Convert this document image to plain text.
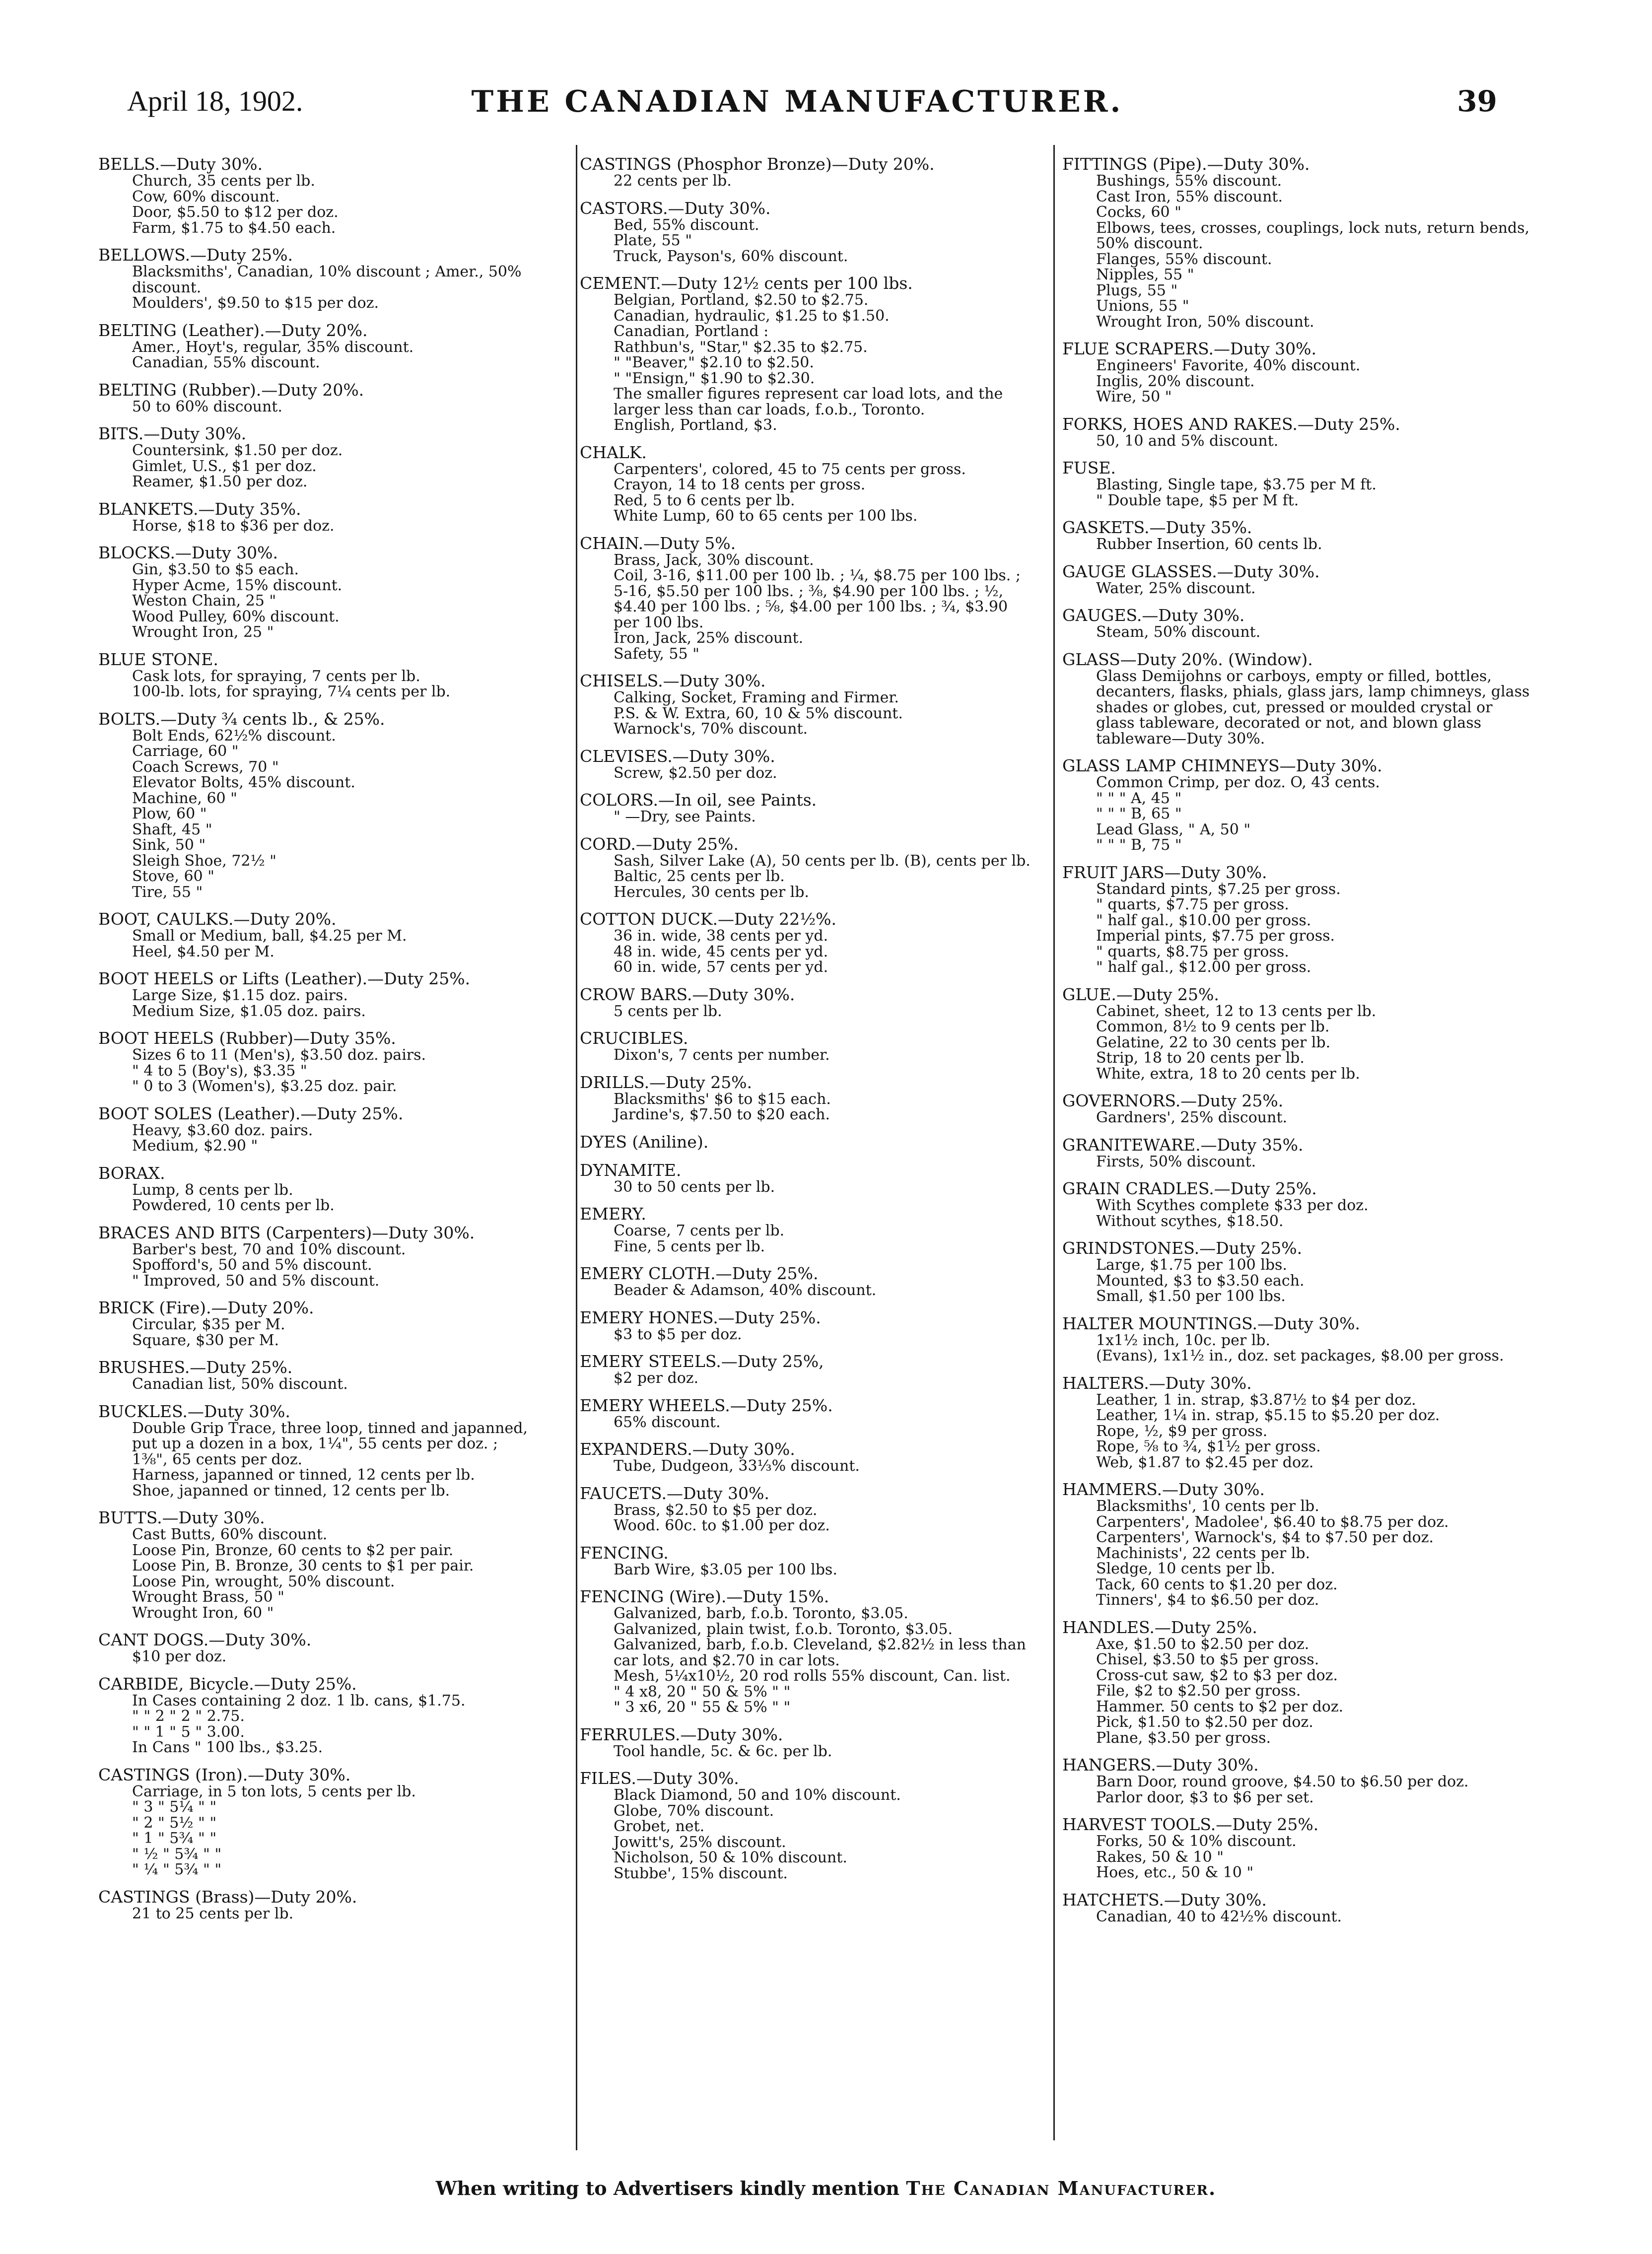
April 18, 1902.	THE CANADIAN MANUFACTURER.	39
BELLS.—Duty 30%.
Church, 35 cents per lb.
Cow, 60% discount.
Door, $5.50 to $12 per doz.
Farm, $1.75 to $4.50 each.
BELLOWS.—Duty 25%.
Blacksmiths', Canadian, 10% discount ; Amer., 50% discount.
Moulders', $9.50 to $15 per doz.
BELTING (Leather).—Duty 20%.
Amer., Hoyt's, regular, 35% discount.
Canadian, 55% discount.
BELTING (Rubber).—Duty 20%.
50 to 60% discount.
BITS.—Duty 30%.
Countersink, $1.50 per doz.
Gimlet, U.S., $1 per doz.
Reamer, $1.50 per doz.
BLANKETS.—Duty 35%.
Horse, $18 to $36 per doz.
BLOCKS.—Duty 30%.
Gin, $3.50 to $5 each.
Hyper Acme, 15% discount.
Weston Chain, 25 "
Wood Pulley, 60% discount.
Wrought Iron, 25 "
BLUE STONE.
Cask lots, for spraying, 7 cents per lb.
100-lb. lots, for spraying, 7¼ cents per lb.
BOLTS.—Duty ¾ cents lb., & 25%.
Bolt Ends, 62½% discount.
Carriage, 60 "
Coach Screws, 70 "
Elevator Bolts, 45% discount.
Machine, 60 "
Plow, 60 "
Shaft, 45 "
Sink, 50 "
Sleigh Shoe, 72½ "
Stove, 60 "
Tire, 55 "
BOOT, CAULKS.—Duty 20%.
Small or Medium, ball, $4.25 per M.
Heel, $4.50 per M.
BOOT HEELS or Lifts (Leather).—Duty 25%.
Large Size, $1.15 doz. pairs.
Medium Size, $1.05 doz. pairs.
BOOT HEELS (Rubber)—Duty 35%.
Sizes 6 to 11 (Men's), $3.50 doz. pairs.
" 4 to 5 (Boy's), $3.35 "
" 0 to 3 (Women's), $3.25 doz. pair.
BOOT SOLES (Leather).—Duty 25%.
Heavy, $3.60 doz. pairs.
Medium, $2.90 "
BORAX.
Lump, 8 cents per lb.
Powdered, 10 cents per lb.
BRACES AND BITS (Carpenters)—Duty 30%.
Barber's best, 70 and 10% discount.
Spofford's, 50 and 5% discount.
" Improved, 50 and 5% discount.
BRICK (Fire).—Duty 20%.
Circular, $35 per M.
Square, $30 per M.
BRUSHES.—Duty 25%.
Canadian list, 50% discount.
BUCKLES.—Duty 30%.
Double Grip Trace, three loop, tinned and japanned, put up a dozen in a box, 1¼", 55 cents per doz. ; 1⅜", 65 cents per doz.
Harness, japanned or tinned, 12 cents per lb.
Shoe, japanned or tinned, 12 cents per lb.
BUTTS.—Duty 30%.
Cast Butts, 60% discount.
Loose Pin, Bronze, 60 cents to $2 per pair.
Loose Pin, B. Bronze, 30 cents to $1 per pair.
Loose Pin, wrought, 50% discount.
Wrought Brass, 50 "
Wrought Iron, 60 "
CANT DOGS.—Duty 30%.
$10 per doz.
CARBIDE, Bicycle.—Duty 25%.
In Cases containing 2 doz. 1 lb. cans, $1.75.
" " 2 " 2 " 2.75.
" " 1 " 5 " 3.00.
In Cans " 100 lbs., $3.25.
CASTINGS (Iron).—Duty 30%.
Carriage, in 5 ton lots, 5 cents per lb.
" 3 " 5¼ " "
" 2 " 5½ " "
" 1 " 5¾ " "
" ½ " 5¾ " "
" ¼ " 5¾ " "
CASTINGS (Brass)—Duty 20%.
21 to 25 cents per lb.
CASTINGS (Phosphor Bronze)—Duty 20%.
22 cents per lb.
CASTORS.—Duty 30%.
Bed, 55% discount.
Plate, 55 "
Truck, Payson's, 60% discount.
CEMENT.—Duty 12½ cents per 100 lbs.
Belgian, Portland, $2.50 to $2.75.
Canadian, hydraulic, $1.25 to $1.50.
Canadian, Portland :
Rathbun's, "Star," $2.35 to $2.75.
" "Beaver," $2.10 to $2.50.
" "Ensign," $1.90 to $2.30.
The smaller figures represent car load lots, and the larger less than car loads, f.o.b., Toronto.
English, Portland, $3.
CHALK.
Carpenters', colored, 45 to 75 cents per gross.
Crayon, 14 to 18 cents per gross.
Red, 5 to 6 cents per lb.
White Lump, 60 to 65 cents per 100 lbs.
CHAIN.—Duty 5%.
Brass, Jack, 30% discount.
Coil, 3-16, $11.00 per 100 lb. ; ¼, $8.75 per 100 lbs. ; 5-16, $5.50 per 100 lbs. ; ⅜, $4.90 per 100 lbs. ; ½, $4.40 per 100 lbs. ; ⅝, $4.00 per 100 lbs. ; ¾, $3.90 per 100 lbs.
Iron, Jack, 25% discount.
Safety, 55 "
CHISELS.—Duty 30%.
Calking, Socket, Framing and Firmer.
P.S. & W. Extra, 60, 10 & 5% discount.
Warnock's, 70% discount.
CLEVISES.—Duty 30%.
Screw, $2.50 per doz.
COLORS.—In oil, see Paints.
" —Dry, see Paints.
CORD.—Duty 25%.
Sash, Silver Lake (A), 50 cents per lb. (B), cents per lb.
Baltic, 25 cents per lb.
Hercules, 30 cents per lb.
COTTON DUCK.—Duty 22½%.
36 in. wide, 38 cents per yd.
48 in. wide, 45 cents per yd.
60 in. wide, 57 cents per yd.
CROW BARS.—Duty 30%.
5 cents per lb.
CRUCIBLES.
Dixon's, 7 cents per number.
DRILLS.—Duty 25%.
Blacksmiths' $6 to $15 each.
Jardine's, $7.50 to $20 each.
DYES (Aniline).
DYNAMITE.
30 to 50 cents per lb.
EMERY.
Coarse, 7 cents per lb.
Fine, 5 cents per lb.
EMERY CLOTH.—Duty 25%.
Beader & Adamson, 40% discount.
EMERY HONES.—Duty 25%.
$3 to $5 per doz.
EMERY STEELS.—Duty 25%,
$2 per doz.
EMERY WHEELS.—Duty 25%.
65% discount.
EXPANDERS.—Duty 30%.
Tube, Dudgeon, 33⅓% discount.
FAUCETS.—Duty 30%.
Brass, $2.50 to $5 per doz.
Wood. 60c. to $1.00 per doz.
FENCING.
Barb Wire, $3.05 per 100 lbs.
FENCING (Wire).—Duty 15%.
Galvanized, barb, f.o.b. Toronto, $3.05.
Galvanized, plain twist, f.o.b. Toronto, $3.05.
Galvanized, barb, f.o.b. Cleveland, $2.82½ in less than car lots, and $2.70 in car lots.
Mesh, 5¼x10½, 20 rod rolls 55% discount, Can. list.
" 4 x8, 20 " 50 & 5% " "
" 3 x6, 20 " 55 & 5% " "
FERRULES.—Duty 30%.
Tool handle, 5c. & 6c. per lb.
FILES.—Duty 30%.
Black Diamond, 50 and 10% discount.
Globe, 70% discount.
Grobet, net.
Jowitt's, 25% discount.
Nicholson, 50 & 10% discount.
Stubbe', 15% discount.
FITTINGS (Pipe).—Duty 30%.
Bushings, 55% discount.
Cast Iron, 55% discount.
Cocks, 60 "
Elbows, tees, crosses, couplings, lock nuts, return bends, 50% discount.
Flanges, 55% discount.
Nipples, 55 "
Plugs, 55 "
Unions, 55 "
Wrought Iron, 50% discount.
FLUE SCRAPERS.—Duty 30%.
Engineers' Favorite, 40% discount.
Inglis, 20% discount.
Wire, 50 "
FORKS, HOES AND RAKES.—Duty 25%.
50, 10 and 5% discount.
FUSE.
Blasting, Single tape, $3.75 per M ft.
" Double tape, $5 per M ft.
GASKETS.—Duty 35%.
Rubber Insertion, 60 cents lb.
GAUGE GLASSES.—Duty 30%.
Water, 25% discount.
GAUGES.—Duty 30%.
Steam, 50% discount.
GLASS—Duty 20%. (Window).
Glass Demijohns or carboys, empty or filled, bottles, decanters, flasks, phials, glass jars, lamp chimneys, glass shades or globes, cut, pressed or moulded crystal or glass tableware, decorated or not, and blown glass tableware—Duty 30%.
GLASS LAMP CHIMNEYS—Duty 30%.
Common Crimp, per doz. O, 43 cents.
" " " A, 45 "
" " " B, 65 "
Lead Glass, " A, 50 "
" " " B, 75 "
FRUIT JARS—Duty 30%.
Standard pints, $7.25 per gross.
" quarts, $7.75 per gross.
" half gal., $10.00 per gross.
Imperial pints, $7.75 per gross.
" quarts, $8.75 per gross.
" half gal., $12.00 per gross.
GLUE.—Duty 25%.
Cabinet, sheet, 12 to 13 cents per lb.
Common, 8½ to 9 cents per lb.
Gelatine, 22 to 30 cents per lb.
Strip, 18 to 20 cents per lb.
White, extra, 18 to 20 cents per lb.
GOVERNORS.—Duty 25%.
Gardners', 25% discount.
GRANITEWARE.—Duty 35%.
Firsts, 50% discount.
GRAIN CRADLES.—Duty 25%.
With Scythes complete $33 per doz.
Without scythes, $18.50.
GRINDSTONES.—Duty 25%.
Large, $1.75 per 100 lbs.
Mounted, $3 to $3.50 each.
Small, $1.50 per 100 lbs.
HALTER MOUNTINGS.—Duty 30%.
1x1½ inch, 10c. per lb.
(Evans), 1x1½ in., doz. set packages, $8.00 per gross.
HALTERS.—Duty 30%.
Leather, 1 in. strap, $3.87½ to $4 per doz.
Leather, 1¼ in. strap, $5.15 to $5.20 per doz.
Rope, ½, $9 per gross.
Rope, ⅝ to ¾, $1½ per gross.
Web, $1.87 to $2.45 per doz.
HAMMERS.—Duty 30%.
Blacksmiths', 10 cents per lb.
Carpenters', Madolee', $6.40 to $8.75 per doz.
Carpenters', Warnock's, $4 to $7.50 per doz.
Machinists', 22 cents per lb.
Sledge, 10 cents per lb.
Tack, 60 cents to $1.20 per doz.
Tinners', $4 to $6.50 per doz.
HANDLES.—Duty 25%.
Axe, $1.50 to $2.50 per doz.
Chisel, $3.50 to $5 per gross.
Cross-cut saw, $2 to $3 per doz.
File, $2 to $2.50 per gross.
Hammer. 50 cents to $2 per doz.
Pick, $1.50 to $2.50 per doz.
Plane, $3.50 per gross.
HANGERS.—Duty 30%.
Barn Door, round groove, $4.50 to $6.50 per doz.
Parlor door, $3 to $6 per set.
HARVEST TOOLS.—Duty 25%.
Forks, 50 & 10% discount.
Rakes, 50 & 10 "
Hoes, etc., 50 & 10 "
HATCHETS.—Duty 30%.
Canadian, 40 to 42½% discount.
When writing to Advertisers kindly mention The Canadian Manufacturer.
